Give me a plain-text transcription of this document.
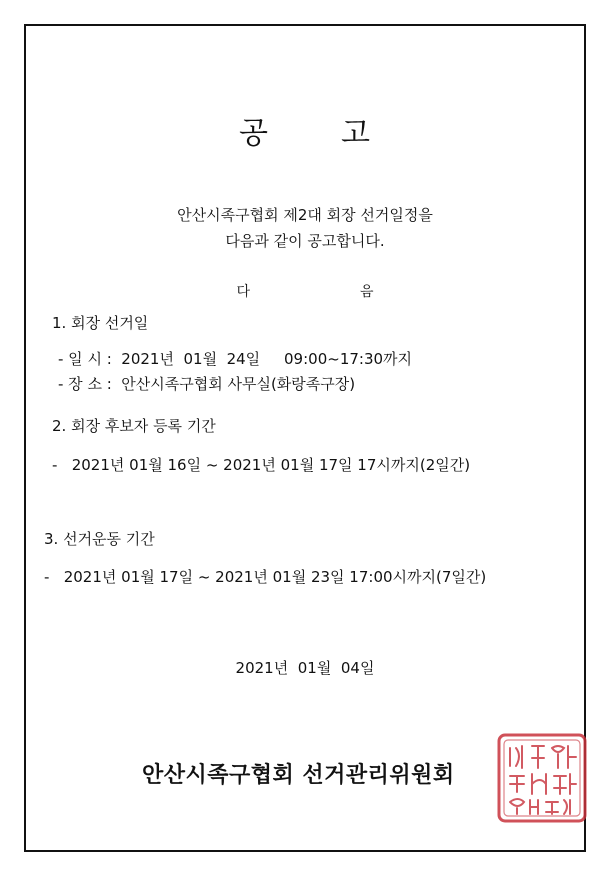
공 고
안산시족구협회 제2대 회장 선거일정을
다음과 같이 공고합니다.
다	음
1. 회장 선거일
- 일 시 :  2021년  01월  24일     09:00~17:30까지
- 장 소 :  안산시족구협회 사무실(화랑족구장)
2. 회장 후보자 등록 기간
-   2021년 01월 16일 ~ 2021년 01월 17일 17시까지(2일간)
3. 선거운동 기간
-   2021년 01월 17일 ~ 2021년 01월 23일 17:00시까지(7일간)
2021년  01월  04일
안산시족구협회 선거관리위원회
